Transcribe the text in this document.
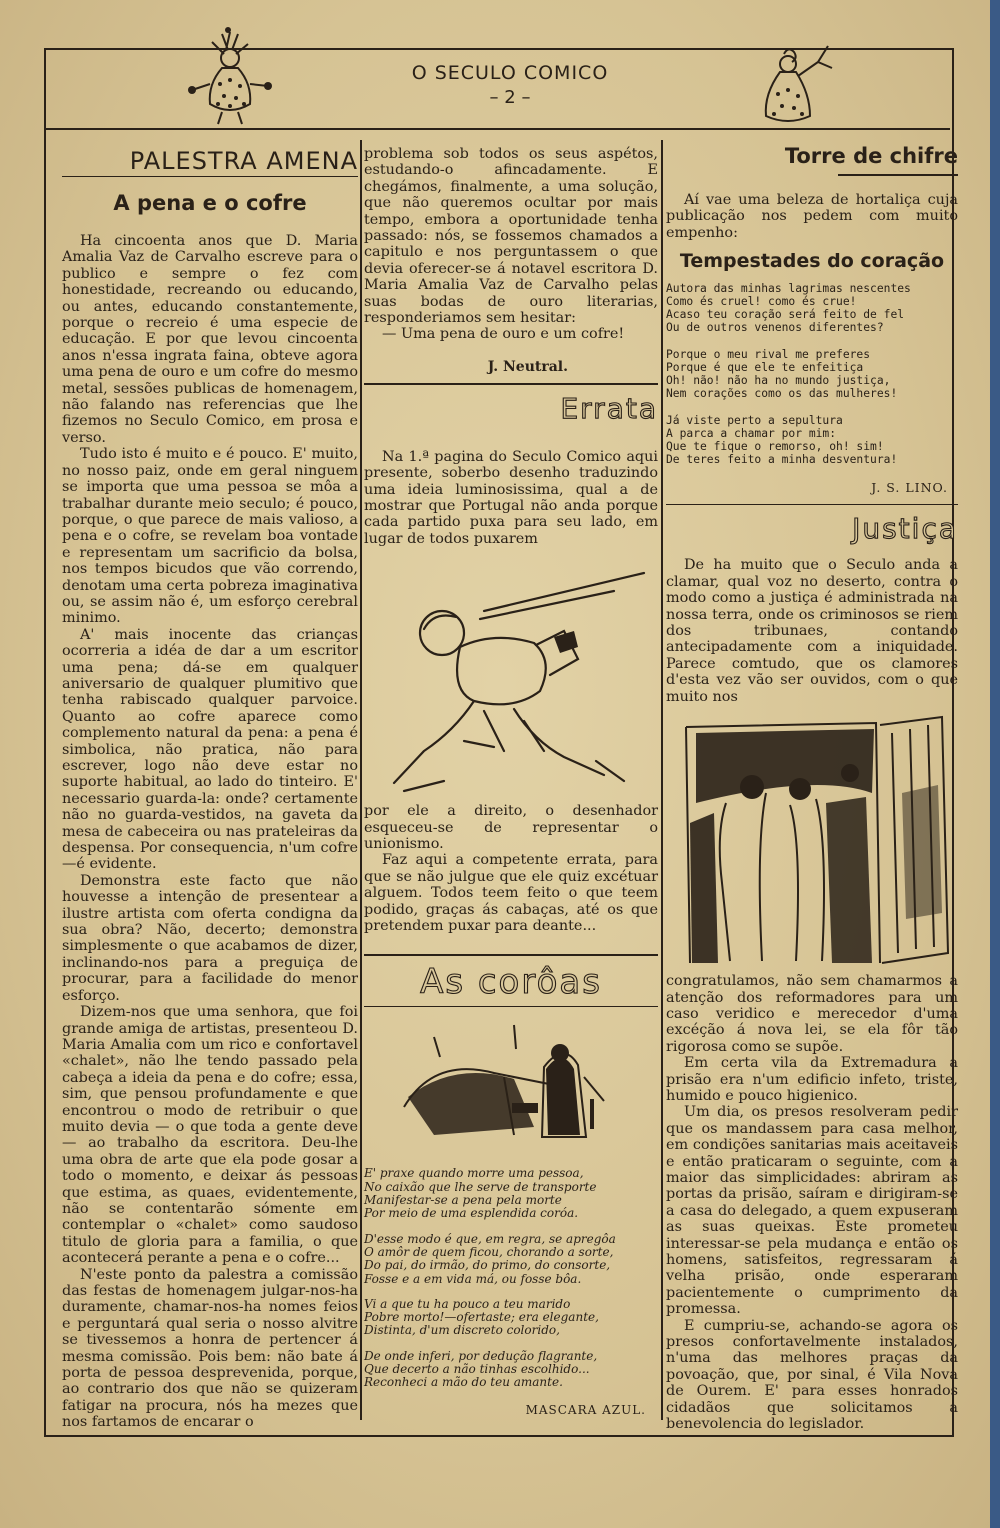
O SECULO COMICO
– 2 –
PALESTRA AMENA
A pena e o cofre

Ha cincoenta anos que D. Maria Amalia Vaz de Carvalho escreve para o publico e sempre o fez com honestidade, recreando ou educando, ou antes, educando constantemente, porque o recreio é uma especie de educação. E por que levou cincoenta anos n'essa ingrata faina, obteve agora uma pena de ouro e um cofre do mesmo metal, sessões publicas de homenagem, não falando nas referencias que lhe fizemos no Seculo Comico, em prosa e verso.

Tudo isto é muito e é pouco. E' muito, no nosso paiz, onde em geral ninguem se importa que uma pessoa se môa a trabalhar durante meio seculo; é pouco, porque, o que parece de mais valioso, a pena e o cofre, se revelam boa vontade e representam um sacrificio da bolsa, nos tempos bicudos que vão correndo, denotam uma certa pobreza imaginativa ou, se assim não é, um esforço cerebral minimo.

A' mais inocente das crianças ocorreria a idéa de dar a um escritor uma pena; dá-se em qualquer aniversario de qualquer plumitivo que tenha rabiscado qualquer parvoice. Quanto ao cofre aparece como complemento natural da pena: a pena é simbolica, não pratica, não para escrever, logo não deve estar no suporte habitual, ao lado do tinteiro. E' necessario guarda-la: onde? certamente não no guarda-vestidos, na gaveta da mesa de cabeceira ou nas prateleiras da despensa. Por consequencia, n'um cofre—é evidente.

Demonstra este facto que não houvesse a intenção de presentear a ilustre artista com oferta condigna da sua obra? Não, decerto; demonstra simplesmente o que acabamos de dizer, inclinando-nos para a preguiça de procurar, para a facilidade do menor esforço.

Dizem-nos que uma senhora, que foi grande amiga de artistas, presenteou D. Maria Amalia com um rico e confortavel «chalet», não lhe tendo passado pela cabeça a ideia da pena e do cofre; essa, sim, que pensou profundamente e que encontrou o modo de retribuir o que muito devia — o que toda a gente deve — ao trabalho da escritora. Deu-lhe uma obra de arte que ela pode gosar a todo o momento, e deixar ás pessoas que estima, as quaes, evidentemente, não se contentarão sómente em contemplar o «chalet» como saudoso titulo de gloria para a familia, o que acontecerá perante a pena e o cofre...

N'este ponto da palestra a comissão das festas de homenagem julgar-nos-ha duramente, chamar-nos-ha nomes feios e perguntará qual seria o nosso alvitre se tivessemos a honra de pertencer á mesma comissão. Pois bem: não bate á porta de pessoa desprevenida, porque, ao contrario dos que não se quizeram fatigar na procura, nós ha mezes que nos fartamos de encarar o

problema sob todos os seus aspétos, estudando-o afincadamente. E chegámos, finalmente, a uma solução, que não queremos ocultar por mais tempo, embora a oportunidade tenha passado: nós, se fossemos chamados a capitulo e nos perguntassem o que devia oferecer-se á notavel escritora D. Maria Amalia Vaz de Carvalho pelas suas bodas de ouro literarias, responderiamos sem hesitar:

— Uma pena de ouro e um cofre!

J. Neutral.
Errata

Na 1.ª pagina do Seculo Comico aqui presente, soberbo desenho traduzindo uma ideia luminosissima, qual a de mostrar que Portugal não anda porque cada partido puxa para seu lado, em lugar de todos puxarem

por ele a direito, o desenhador esqueceu-se de representar o unionismo.

Faz aqui a competente errata, para que se não julgue que ele quiz excétuar alguem. Todos teem feito o que teem podido, graças ás cabaças, até os que pretendem puxar para deante...

As corôas
E' praxe quando morre uma pessoa,
No caixão que lhe serve de transporte
Manifestar-se a pena pela morte
Por meio de uma esplendida coróa.
D'esse modo é que, em regra, se apregôa
O amôr de quem ficou, chorando a sorte,
Do pai, do irmão, do primo, do consorte,
Fosse e a em vida má, ou fosse bôa.
Vi a que tu ha pouco a teu marido
Pobre morto!—ofertaste; era elegante,
Distinta, d'um discreto colorido,
De onde inferi, por dedução flagrante,
Que decerto a não tinhas escolhido...
Reconheci a mão do teu amante.
MASCARA AZUL.
Torre de chifre

Aí vae uma beleza de hortaliça cuja publicação nos pedem com muito empenho:

Tempestades do coração
Autora das minhas lagrimas nescentes
Como és cruel! como és crue!
Acaso teu coração será feito de fel
Ou de outros venenos diferentes?
Porque o meu rival me preferes
Porque é que ele te enfeitiça
Oh! não! não ha no mundo justiça,
Nem corações como os das mulheres!
Já viste perto a sepultura
A parca a chamar por mim:
Que te fique o remorso, oh! sim!
De teres feito a minha desventura!
J. S. LINO.
Justiça

De ha muito que o Seculo anda a clamar, qual voz no deserto, contra o modo como a justiça é administrada na nossa terra, onde os criminosos se riem dos tribunaes, contando antecipadamente com a iniquidade. Parece comtudo, que os clamores d'esta vez vão ser ouvidos, com o que muito nos

congratulamos, não sem chamarmos a atenção dos reformadores para um caso veridico e merecedor d'uma excéção á nova lei, se ela fôr tão rigorosa como se supõe.

Em certa vila da Extremadura a prisão era n'um edificio infeto, triste, humido e pouco higienico.

Um dia, os presos resolveram pedir que os mandassem para casa melhor, em condições sanitarias mais aceitaveis e então praticaram o seguinte, com a maior das simplicidades: abriram as portas da prisão, saíram e dirigiram-se a casa do delegado, a quem expuseram as suas queixas. Este prometeu interessar-se pela mudança e então os homens, satisfeitos, regressaram á velha prisão, onde esperaram pacientemente o cumprimento da promessa.

E cumpriu-se, achando-se agora os presos confortavelmente instalados, n'uma das melhores praças da povoação, que, por sinal, é Vila Nova de Ourem. E' para esses honrados cidadãos que solicitamos a benevolencia do legislador.
